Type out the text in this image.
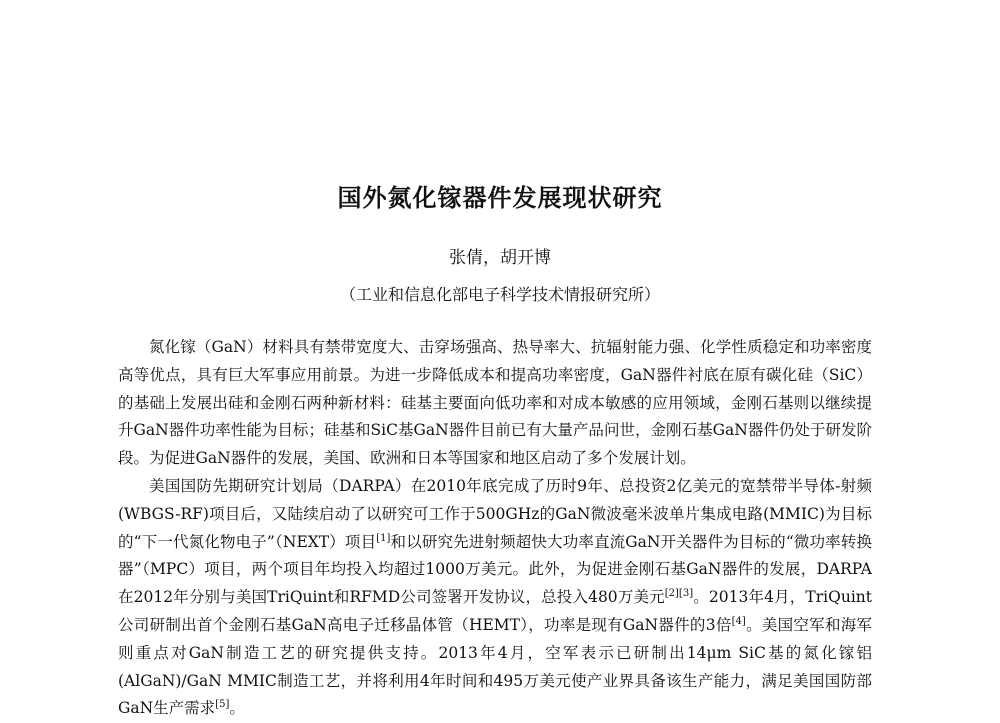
国外氮化镓器件发展现状研究
张倩，胡开博
（工业和信息化部电子科学技术情报研究所）

氮化镓（GaN）材料具有禁带宽度大、击穿场强高、热导率大、抗辐射能力强、化学性质稳定和功率密度高等优点，具有巨大军事应用前景。为进一步降低成本和提高功率密度，GaN器件衬底在原有碳化硅（SiC）的基础上发展出硅和金刚石两种新材料：硅基主要面向低功率和对成本敏感的应用领域，金刚石基则以继续提升GaN器件功率性能为目标；硅基和SiC基GaN器件目前已有大量产品问世，金刚石基GaN器件仍处于研发阶段。为促进GaN器件的发展，美国、欧洲和日本等国家和地区启动了多个发展计划。

美国国防先期研究计划局（DARPA）在2010年底完成了历时9年、总投资2亿美元的宽禁带半导体-射频(WBGS-RF)项目后，又陆续启动了以研究可工作于500GHz的GaN微波毫米波单片集成电路(MMIC)为目标的“下一代氮化物电子”（NEXT）项目[1]和以研究先进射频超快大功率直流GaN开关器件为目标的“微功率转换器”（MPC）项目，两个项目年均投入均超过1000万美元。此外，为促进金刚石基GaN器件的发展，DARPA在2012年分别与美国TriQuint和RFMD公司签署开发协议，总投入480万美元[2][3]。2013年4月，TriQuint公司研制出首个金刚石基GaN高电子迁移晶体管（HEMT），功率是现有GaN器件的3倍[4]。美国空军和海军则重点对GaN制造工艺的研究提供支持。2013年4月，空军表示已研制出14μm SiC基的氮化镓铝(AlGaN)/GaN MMIC制造工艺，并将利用4年时间和495万美元使产业界具备该生产能力，满足美国国防部GaN生产需求[5]。
